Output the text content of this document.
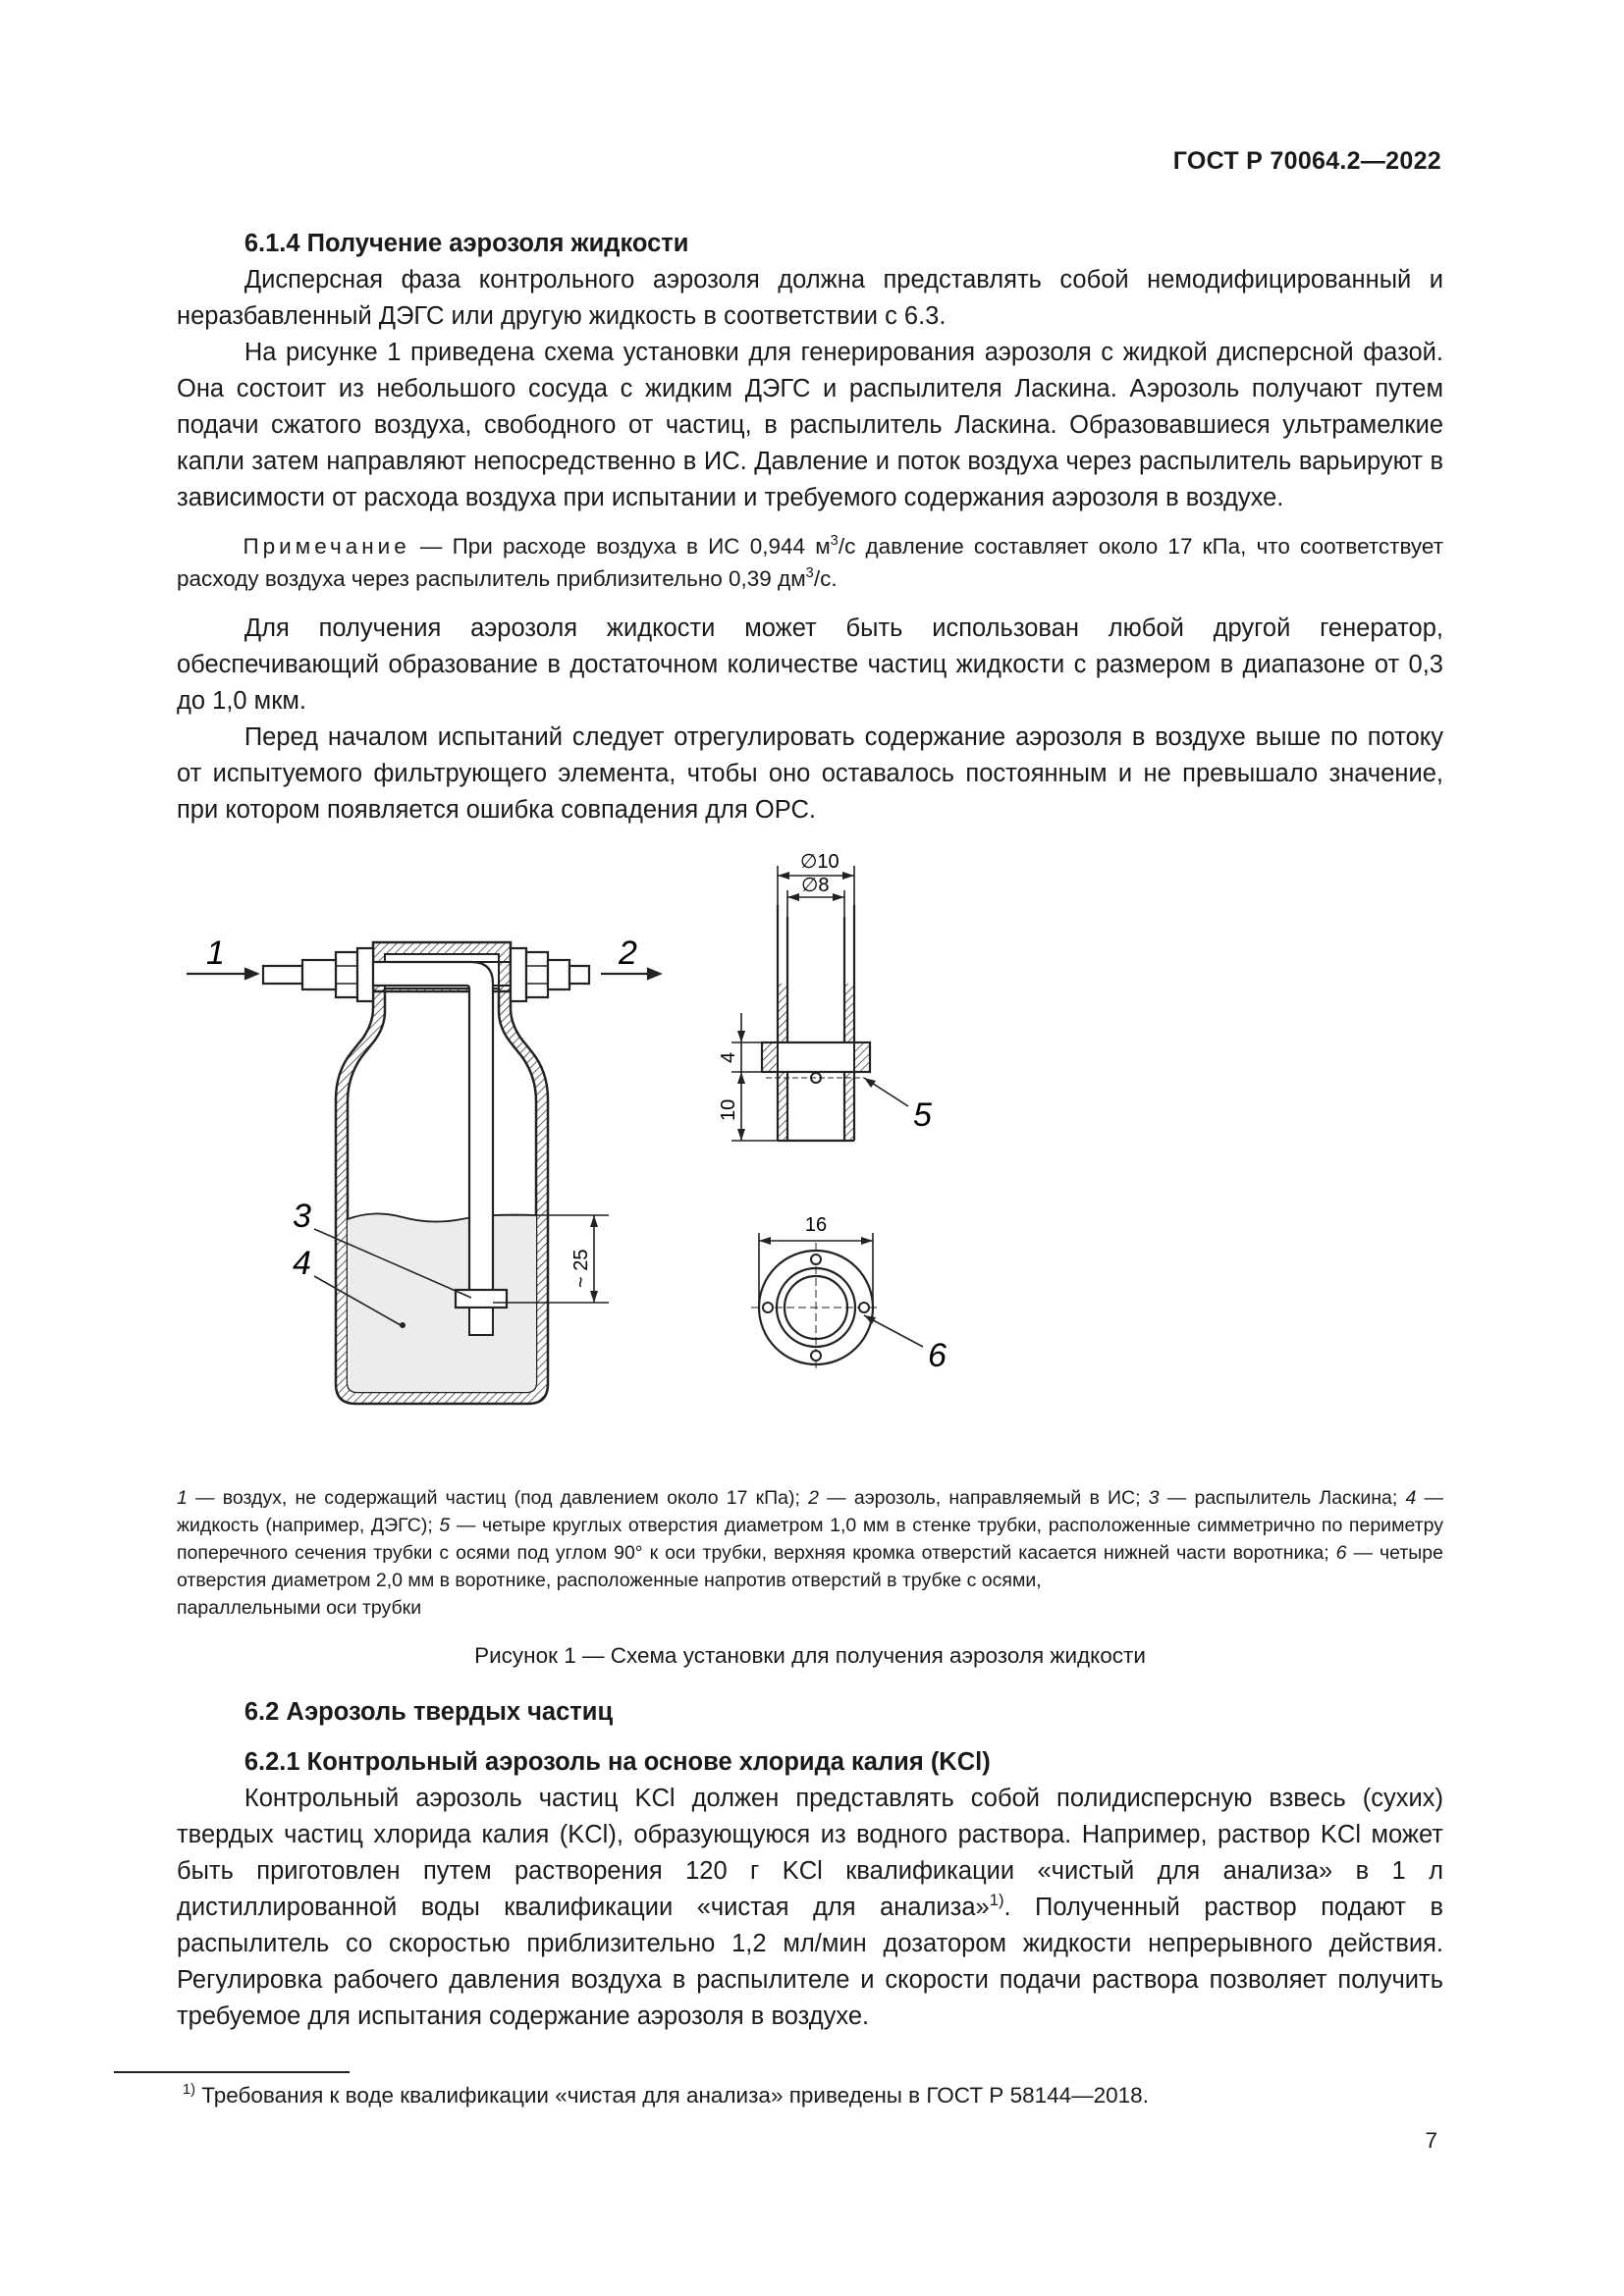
ГОСТ Р 70064.2—2022

6.1.4 Получение аэрозоля жидкости

Дисперсная фаза контрольного аэрозоля должна представлять собой немодифицированный и неразбавленный ДЭГС или другую жидкость в соответствии с 6.3.

На рисунке 1 приведена схема установки для генерирования аэрозоля с жидкой дисперсной фазой. Она состоит из небольшого сосуда с жидким ДЭГС и распылителя Ласкина. Аэрозоль получают путем подачи сжатого воздуха, свободного от частиц, в распылитель Ласкина. Образовавшиеся ультрамелкие капли затем направляют непосредственно в ИС. Давление и поток воздуха через распылитель варьируют в зависимости от расхода воздуха при испытании и требуемого содержания аэрозоля в воздухе.

Примечание — При расходе воздуха в ИС 0,944 $м^3/с$ давление составляет около 17 кПа, что соответствует расходу воздуха через распылитель приблизительно 0,39 $дм^3/с$.

Для получения аэрозоля жидкости может быть использован любой другой генератор, обеспечивающий образование в достаточном количестве частиц жидкости с размером в диапазоне от 0,3 до 1,0 мкм.

Перед началом испытаний следует отрегулировать содержание аэрозоля в воздухе выше по потоку от испытуемого фильтрующего элемента, чтобы оно оставалось постоянным и не превышало значение, при котором появляется ошибка совпадения для ОРС.

1	2
3
4
5
6
∅10
∅8
16
4
10
~ 25

1 — воздух, не содержащий частиц (под давлением около 17 кПа); 2 — аэрозоль, направляемый в ИС; 3 — распылитель Ласкина; 4 — жидкость (например, ДЭГС); 5 — четыре круглых отверстия диаметром 1,0 мм в стенке трубки, расположенные симметрично по периметру поперечного сечения трубки с осями под углом 90° к оси трубки, верхняя кромка отверстий касается нижней части воротника; 6 — четыре отверстия диаметром 2,0 мм в воротнике, расположенные напротив отверстий в трубке с осями,

параллельными оси трубки

Рисунок 1 — Схема установки для получения аэрозоля жидкости

6.2 Аэрозоль твердых частиц

6.2.1 Контрольный аэрозоль на основе хлорида калия (KCl)

Контрольный аэрозоль частиц KCl должен представлять собой полидисперсную взвесь (сухих) твердых частиц хлорида калия (KCl), образующуюся из водного раствора. Например, раствор KCl может быть приготовлен путем растворения 120 г KCl квалификации «чистый для анализа» в 1 л дистиллированной воды квалификации «чистая для анализа»$^{1)}$. Полученный раствор подают в распылитель со скоростью приблизительно 1,2 мл/мин дозатором жидкости непрерывного действия. Регулировка рабочего давления воздуха в распылителе и скорости подачи раствора позволяет получить требуемое для испытания содержание аэрозоля в воздухе.

$^{1)}$ Требования к воде квалификации «чистая для анализа» приведены в ГОСТ Р 58144—2018.
7
